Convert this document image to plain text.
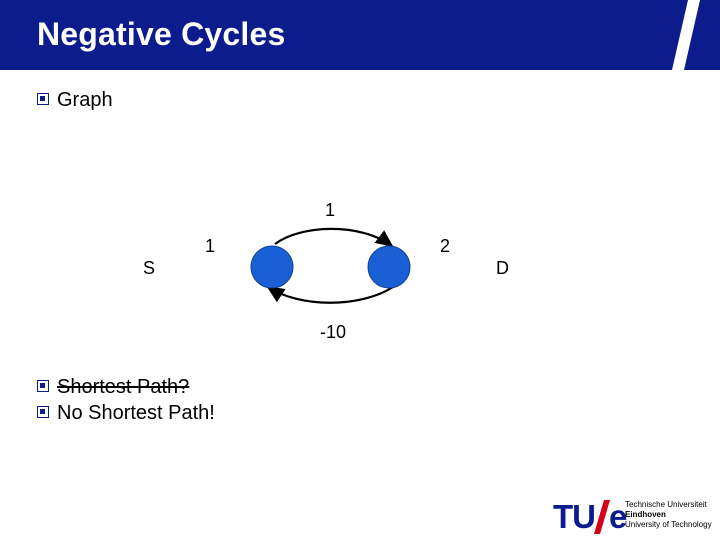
Negative Cycles
Graph
S	D
1
1
-10
2
Shortest Path?
No Shortest Path!
TU e
Technische Universiteit
Eindhoven
University of Technology
